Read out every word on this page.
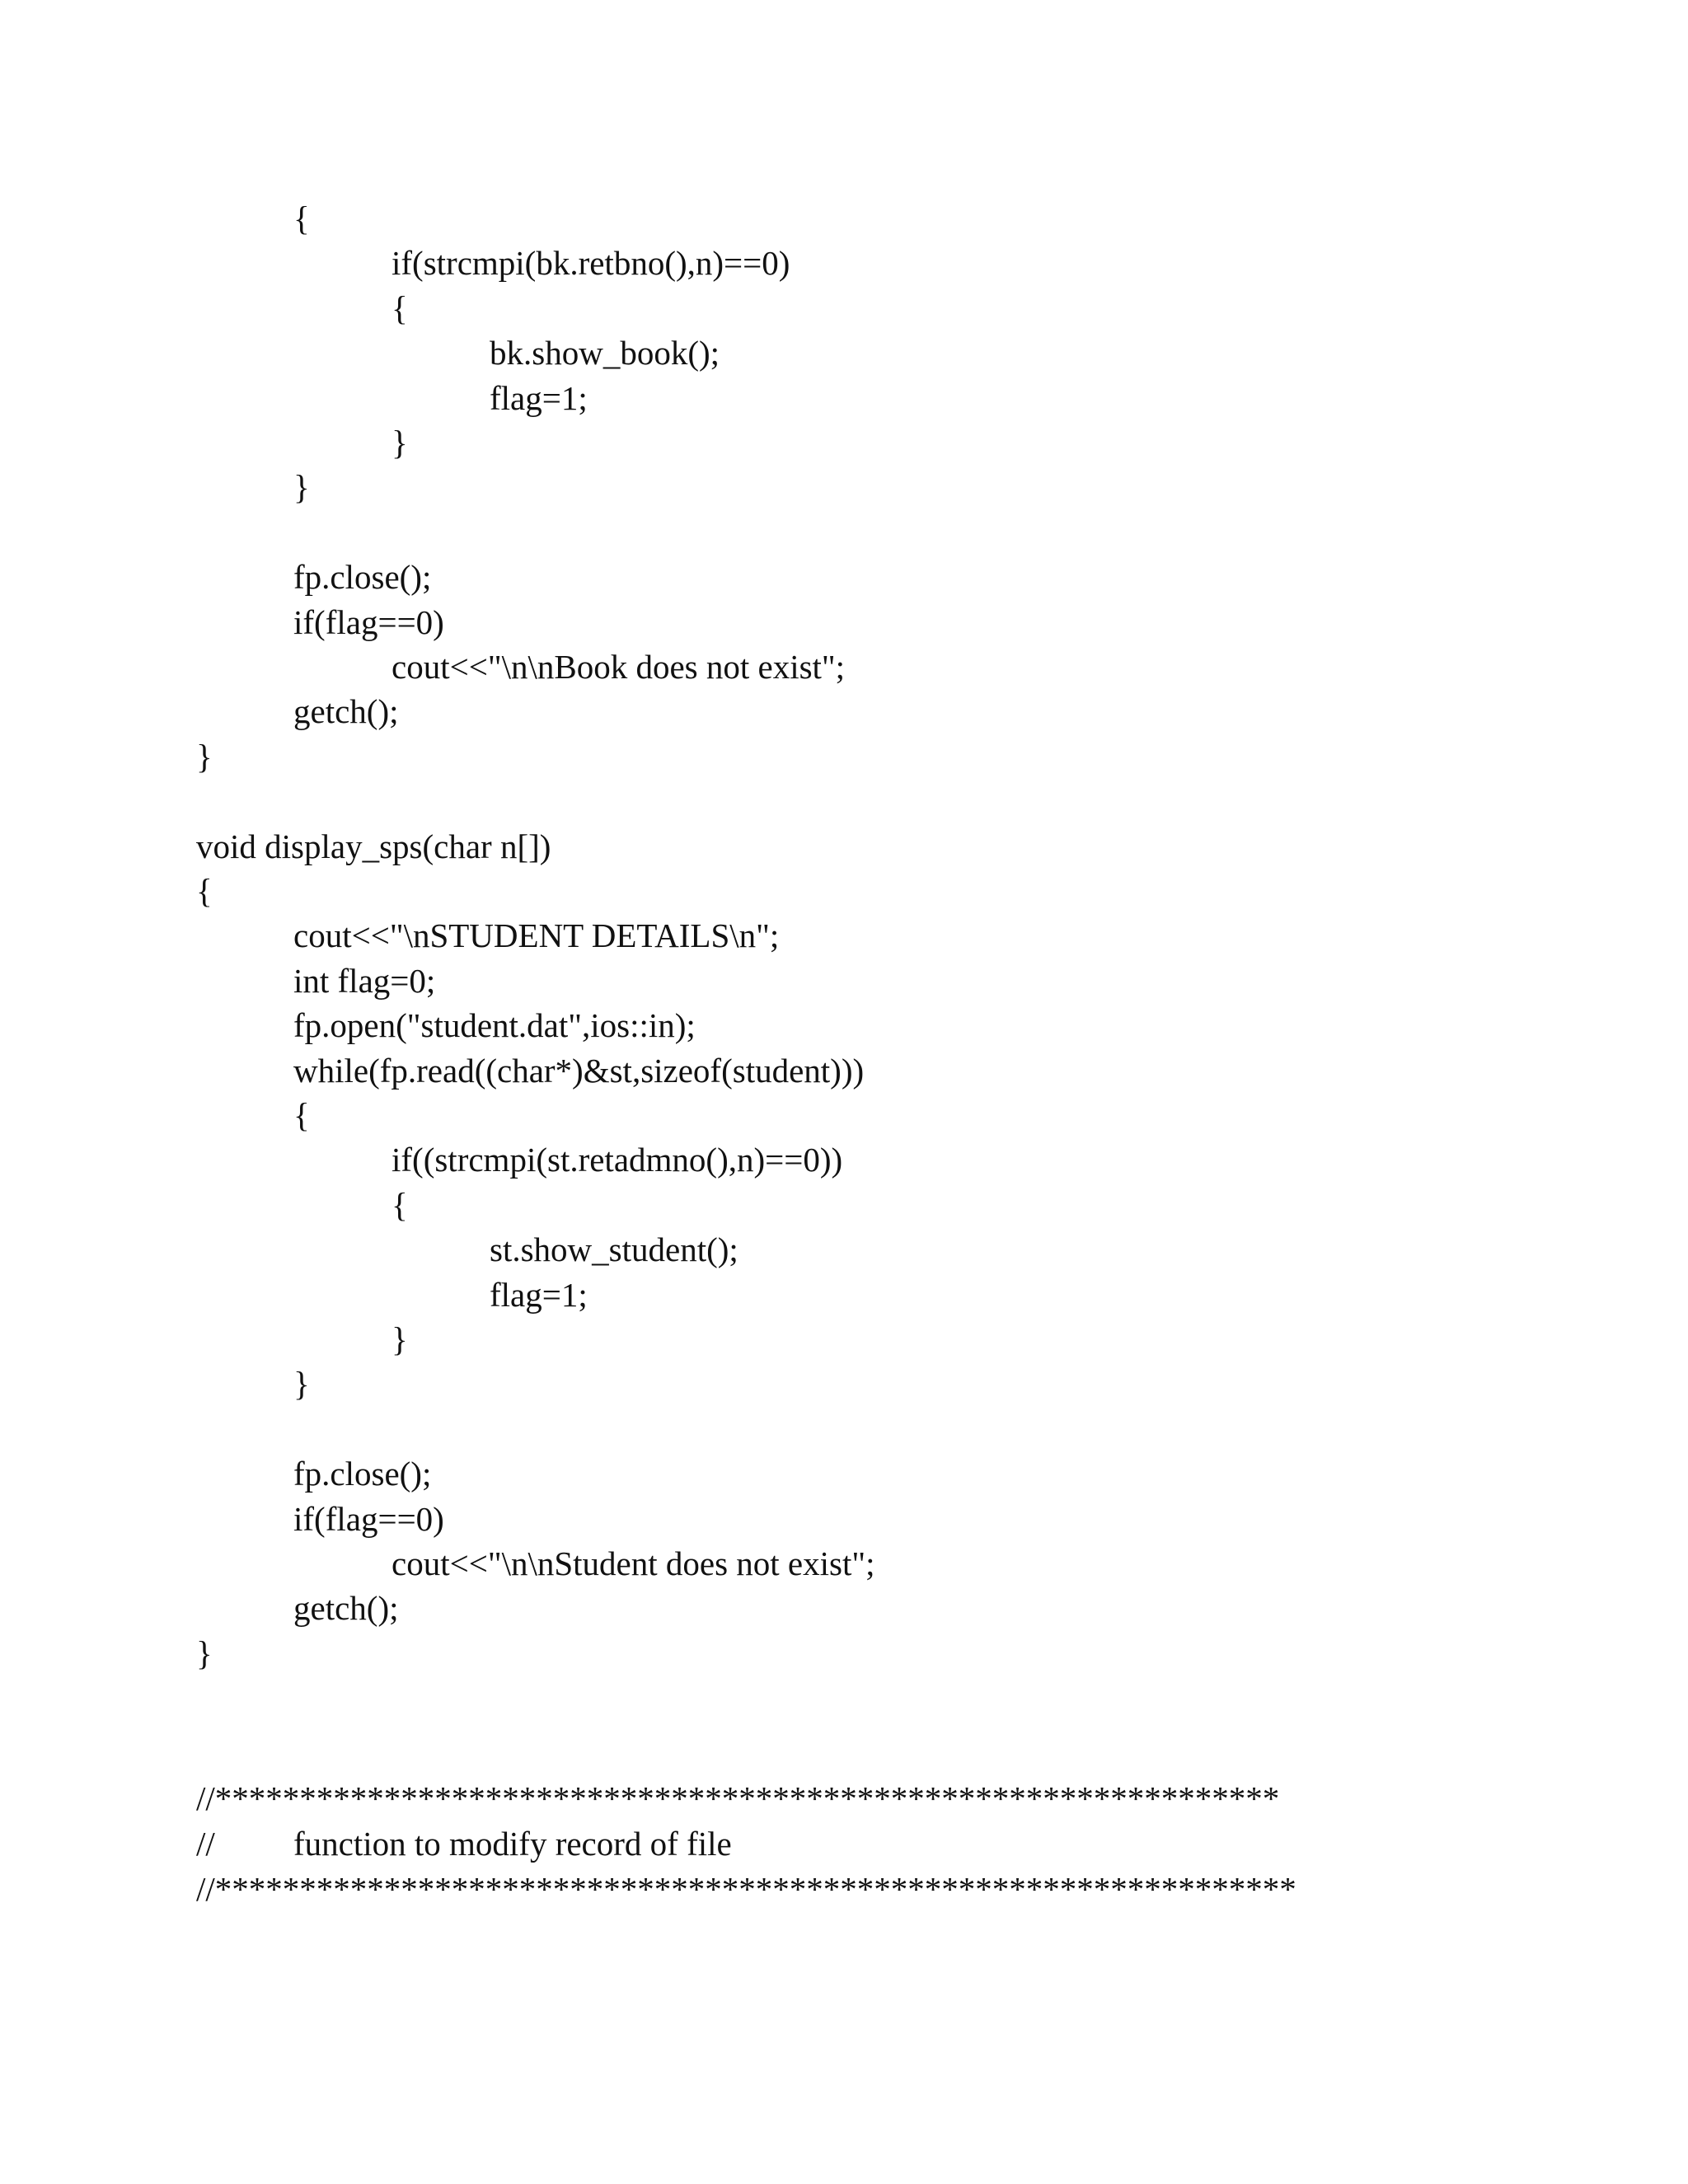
{
if(strcmpi(bk.retbno(),n)==0)
{
bk.show_book();
flag=1;
}
}
fp.close();
if(flag==0)
cout<<"\n\nBook does not exist";
getch();
}
void display_sps(char n[])
{
cout<<"\nSTUDENT DETAILS\n";
int flag=0;
fp.open("student.dat",ios::in);
while(fp.read((char*)&st,sizeof(student)))
{
if((strcmpi(st.retadmno(),n)==0))
{
st.show_student();
flag=1;
}
}
fp.close();
if(flag==0)
cout<<"\n\nStudent does not exist";
getch();
}
//***************************************************************
// function to modify record of file
//****************************************************************
